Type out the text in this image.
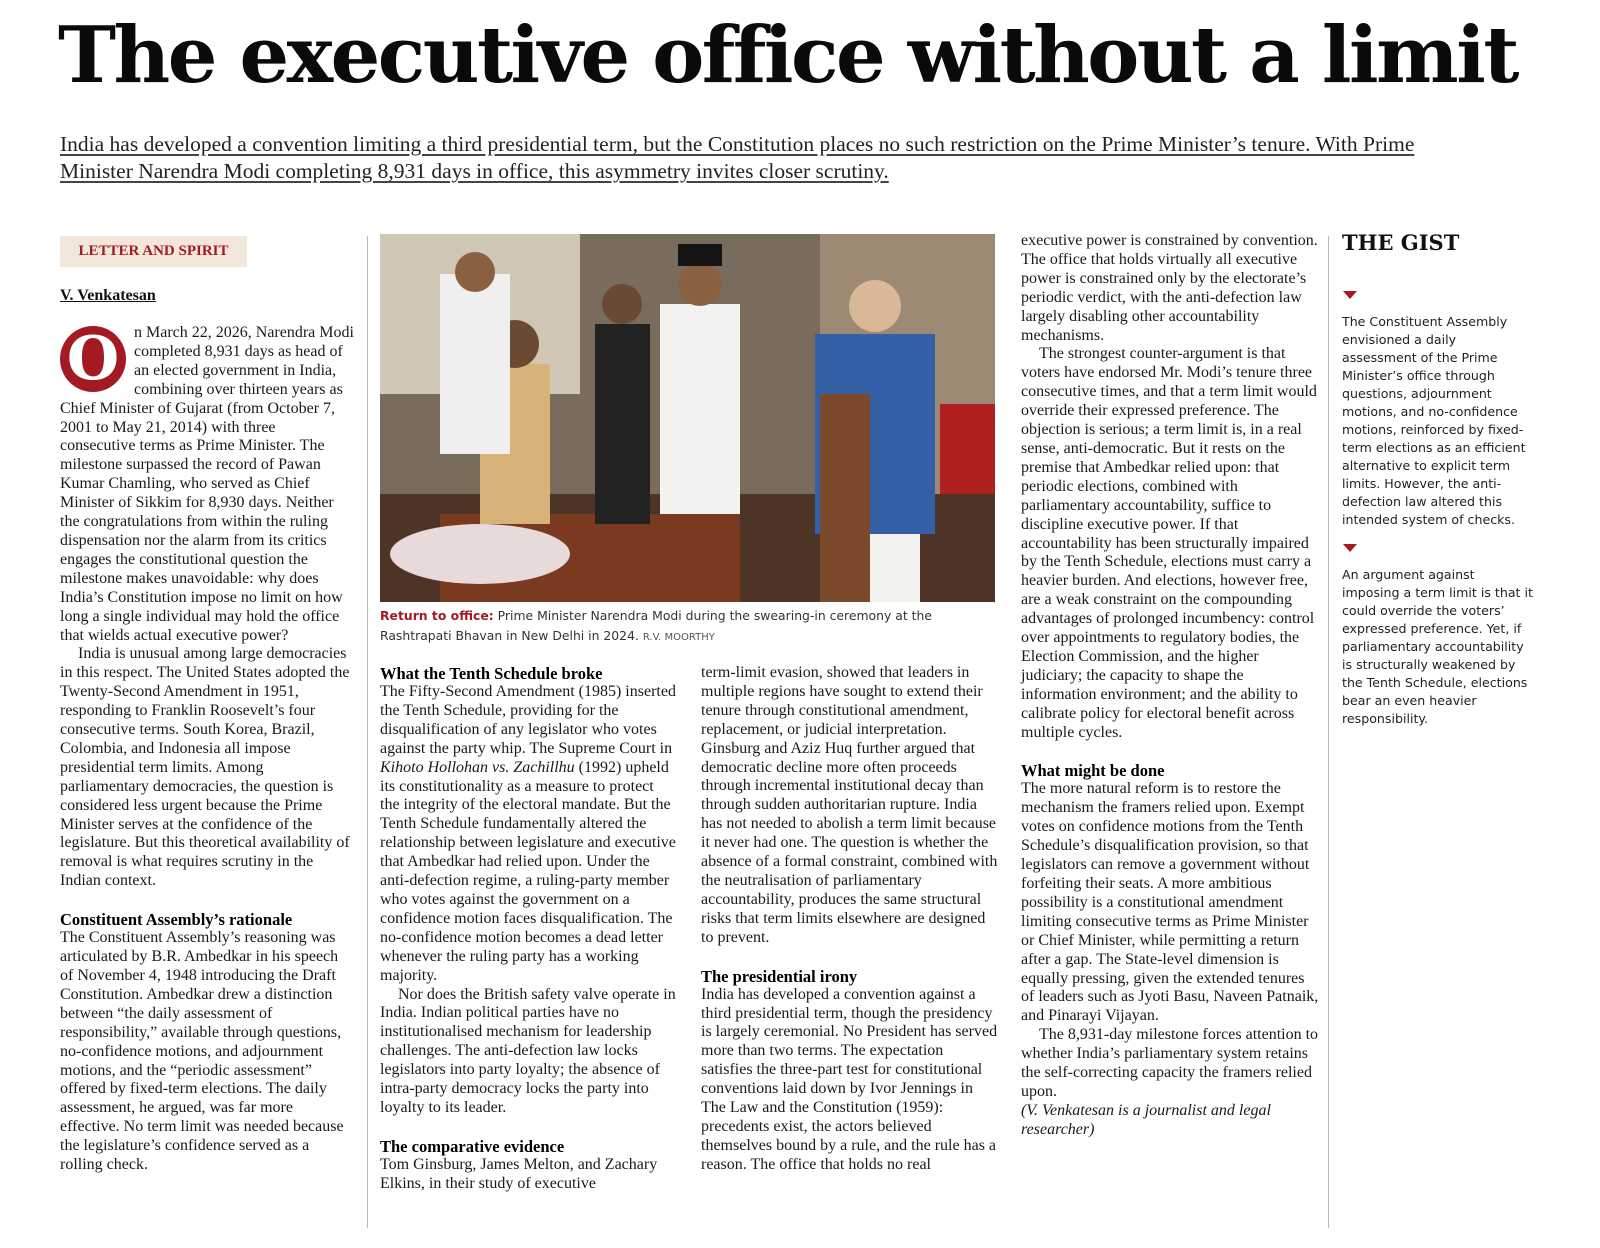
The executive office without a limit

India has developed a convention limiting a third presidential term, but the Constitution places no such restriction on the Prime Minister’s tenure. With Prime Minister Narendra Modi completing 8,931 days in office, this asymmetry invites closer scrutiny.

LETTER AND SPIRIT
V. Venkatesan

O n March 22, 2026, Narendra Modi completed 8,931 days as head of an elected government in India, combining over thirteen years as Chief Minister of Gujarat (from October 7, 2001 to May 21, 2014) with three consecutive terms as Prime Minister. The milestone surpassed the record of Pawan Kumar Chamling, who served as Chief Minister of Sikkim for 8,930 days. Neither the congratulations from within the ruling dispensation nor the alarm from its critics engages the constitutional question the milestone makes unavoidable: why does India’s Constitution impose no limit on how long a single individual may hold the office that wields actual executive power?

India is unusual among large democracies in this respect. The United States adopted the Twenty-Second Amendment in 1951, responding to Franklin Roosevelt’s four consecutive terms. South Korea, Brazil, Colombia, and Indonesia all impose presidential term limits. Among parliamentary democracies, the question is considered less urgent because the Prime Minister serves at the confidence of the legislature. But this theoretical availability of removal is what requires scrutiny in the Indian context.

Constituent Assembly’s rationale

The Constituent Assembly’s reasoning was articulated by B.R. Ambedkar in his speech of November 4, 1948 introducing the Draft Constitution. Ambedkar drew a distinction between “the daily assessment of responsibility,” available through questions, no-confidence motions, and adjournment motions, and the “periodic assessment” offered by fixed-term elections. The daily assessment, he argued, was far more effective. No term limit was needed because the legislature’s confidence served as a rolling check.

Return to office: Prime Minister Narendra Modi during the swearing-in ceremony at the Rashtrapati Bhavan in New Delhi in 2024. R.V. MOORTHY
What the Tenth Schedule broke

The Fifty-Second Amendment (1985) inserted the Tenth Schedule, providing for the disqualification of any legislator who votes against the party whip. The Supreme Court in Kihoto Hollohan vs. Zachillhu (1992) upheld its constitutionality as a measure to protect the integrity of the electoral mandate. But the Tenth Schedule fundamentally altered the relationship between legislature and executive that Ambedkar had relied upon. Under the anti-defection regime, a ruling-party member who votes against the government on a confidence motion faces disqualification. The no-confidence motion becomes a dead letter whenever the ruling party has a working majority.

Nor does the British safety valve operate in India. Indian political parties have no institutionalised mechanism for leadership challenges. The anti-defection law locks legislators into party loyalty; the absence of intra-party democracy locks the party into loyalty to its leader.

The comparative evidence

Tom Ginsburg, James Melton, and Zachary Elkins, in their study of executive

term-limit evasion, showed that leaders in multiple regions have sought to extend their tenure through constitutional amendment, replacement, or judicial interpretation. Ginsburg and Aziz Huq further argued that democratic decline more often proceeds through incremental institutional decay than through sudden authoritarian rupture. India has not needed to abolish a term limit because it never had one. The question is whether the absence of a formal constraint, combined with the neutralisation of parliamentary accountability, produces the same structural risks that term limits elsewhere are designed to prevent.

The presidential irony

India has developed a convention against a third presidential term, though the presidency is largely ceremonial. No President has served more than two terms. The expectation satisfies the three-part test for constitutional conventions laid down by Ivor Jennings in The Law and the Constitution (1959): precedents exist, the actors believed themselves bound by a rule, and the rule has a reason. The office that holds no real

executive power is constrained by convention. The office that holds virtually all executive power is constrained only by the electorate’s periodic verdict, with the anti-defection law largely disabling other accountability mechanisms.

The strongest counter-argument is that voters have endorsed Mr. Modi’s tenure three consecutive times, and that a term limit would override their expressed preference. The objection is serious; a term limit is, in a real sense, anti-democratic. But it rests on the premise that Ambedkar relied upon: that periodic elections, combined with parliamentary accountability, suffice to discipline executive power. If that accountability has been structurally impaired by the Tenth Schedule, elections must carry a heavier burden. And elections, however free, are a weak constraint on the compounding advantages of prolonged incumbency: control over appointments to regulatory bodies, the Election Commission, and the higher judiciary; the capacity to shape the information environment; and the ability to calibrate policy for electoral benefit across multiple cycles.

What might be done

The more natural reform is to restore the mechanism the framers relied upon. Exempt votes on confidence motions from the Tenth Schedule’s disqualification provision, so that legislators can remove a government without forfeiting their seats. A more ambitious possibility is a constitutional amendment limiting consecutive terms as Prime Minister or Chief Minister, while permitting a return after a gap. The State-level dimension is equally pressing, given the extended tenures of leaders such as Jyoti Basu, Naveen Patnaik, and Pinarayi Vijayan.

The 8,931-day milestone forces attention to whether India’s parliamentary system retains the self-correcting capacity the framers relied upon.

(V. Venkatesan is a journalist and legal researcher)

THE GIST

The Constituent Assembly envisioned a daily assessment of the Prime Minister’s office through questions, adjournment motions, and no-confidence motions, reinforced by fixed-term elections as an efficient alternative to explicit term limits. However, the anti-defection law altered this intended system of checks.

An argument against imposing a term limit is that it could override the voters’ expressed preference. Yet, if parliamentary accountability is structurally weakened by the Tenth Schedule, elections bear an even heavier responsibility.
